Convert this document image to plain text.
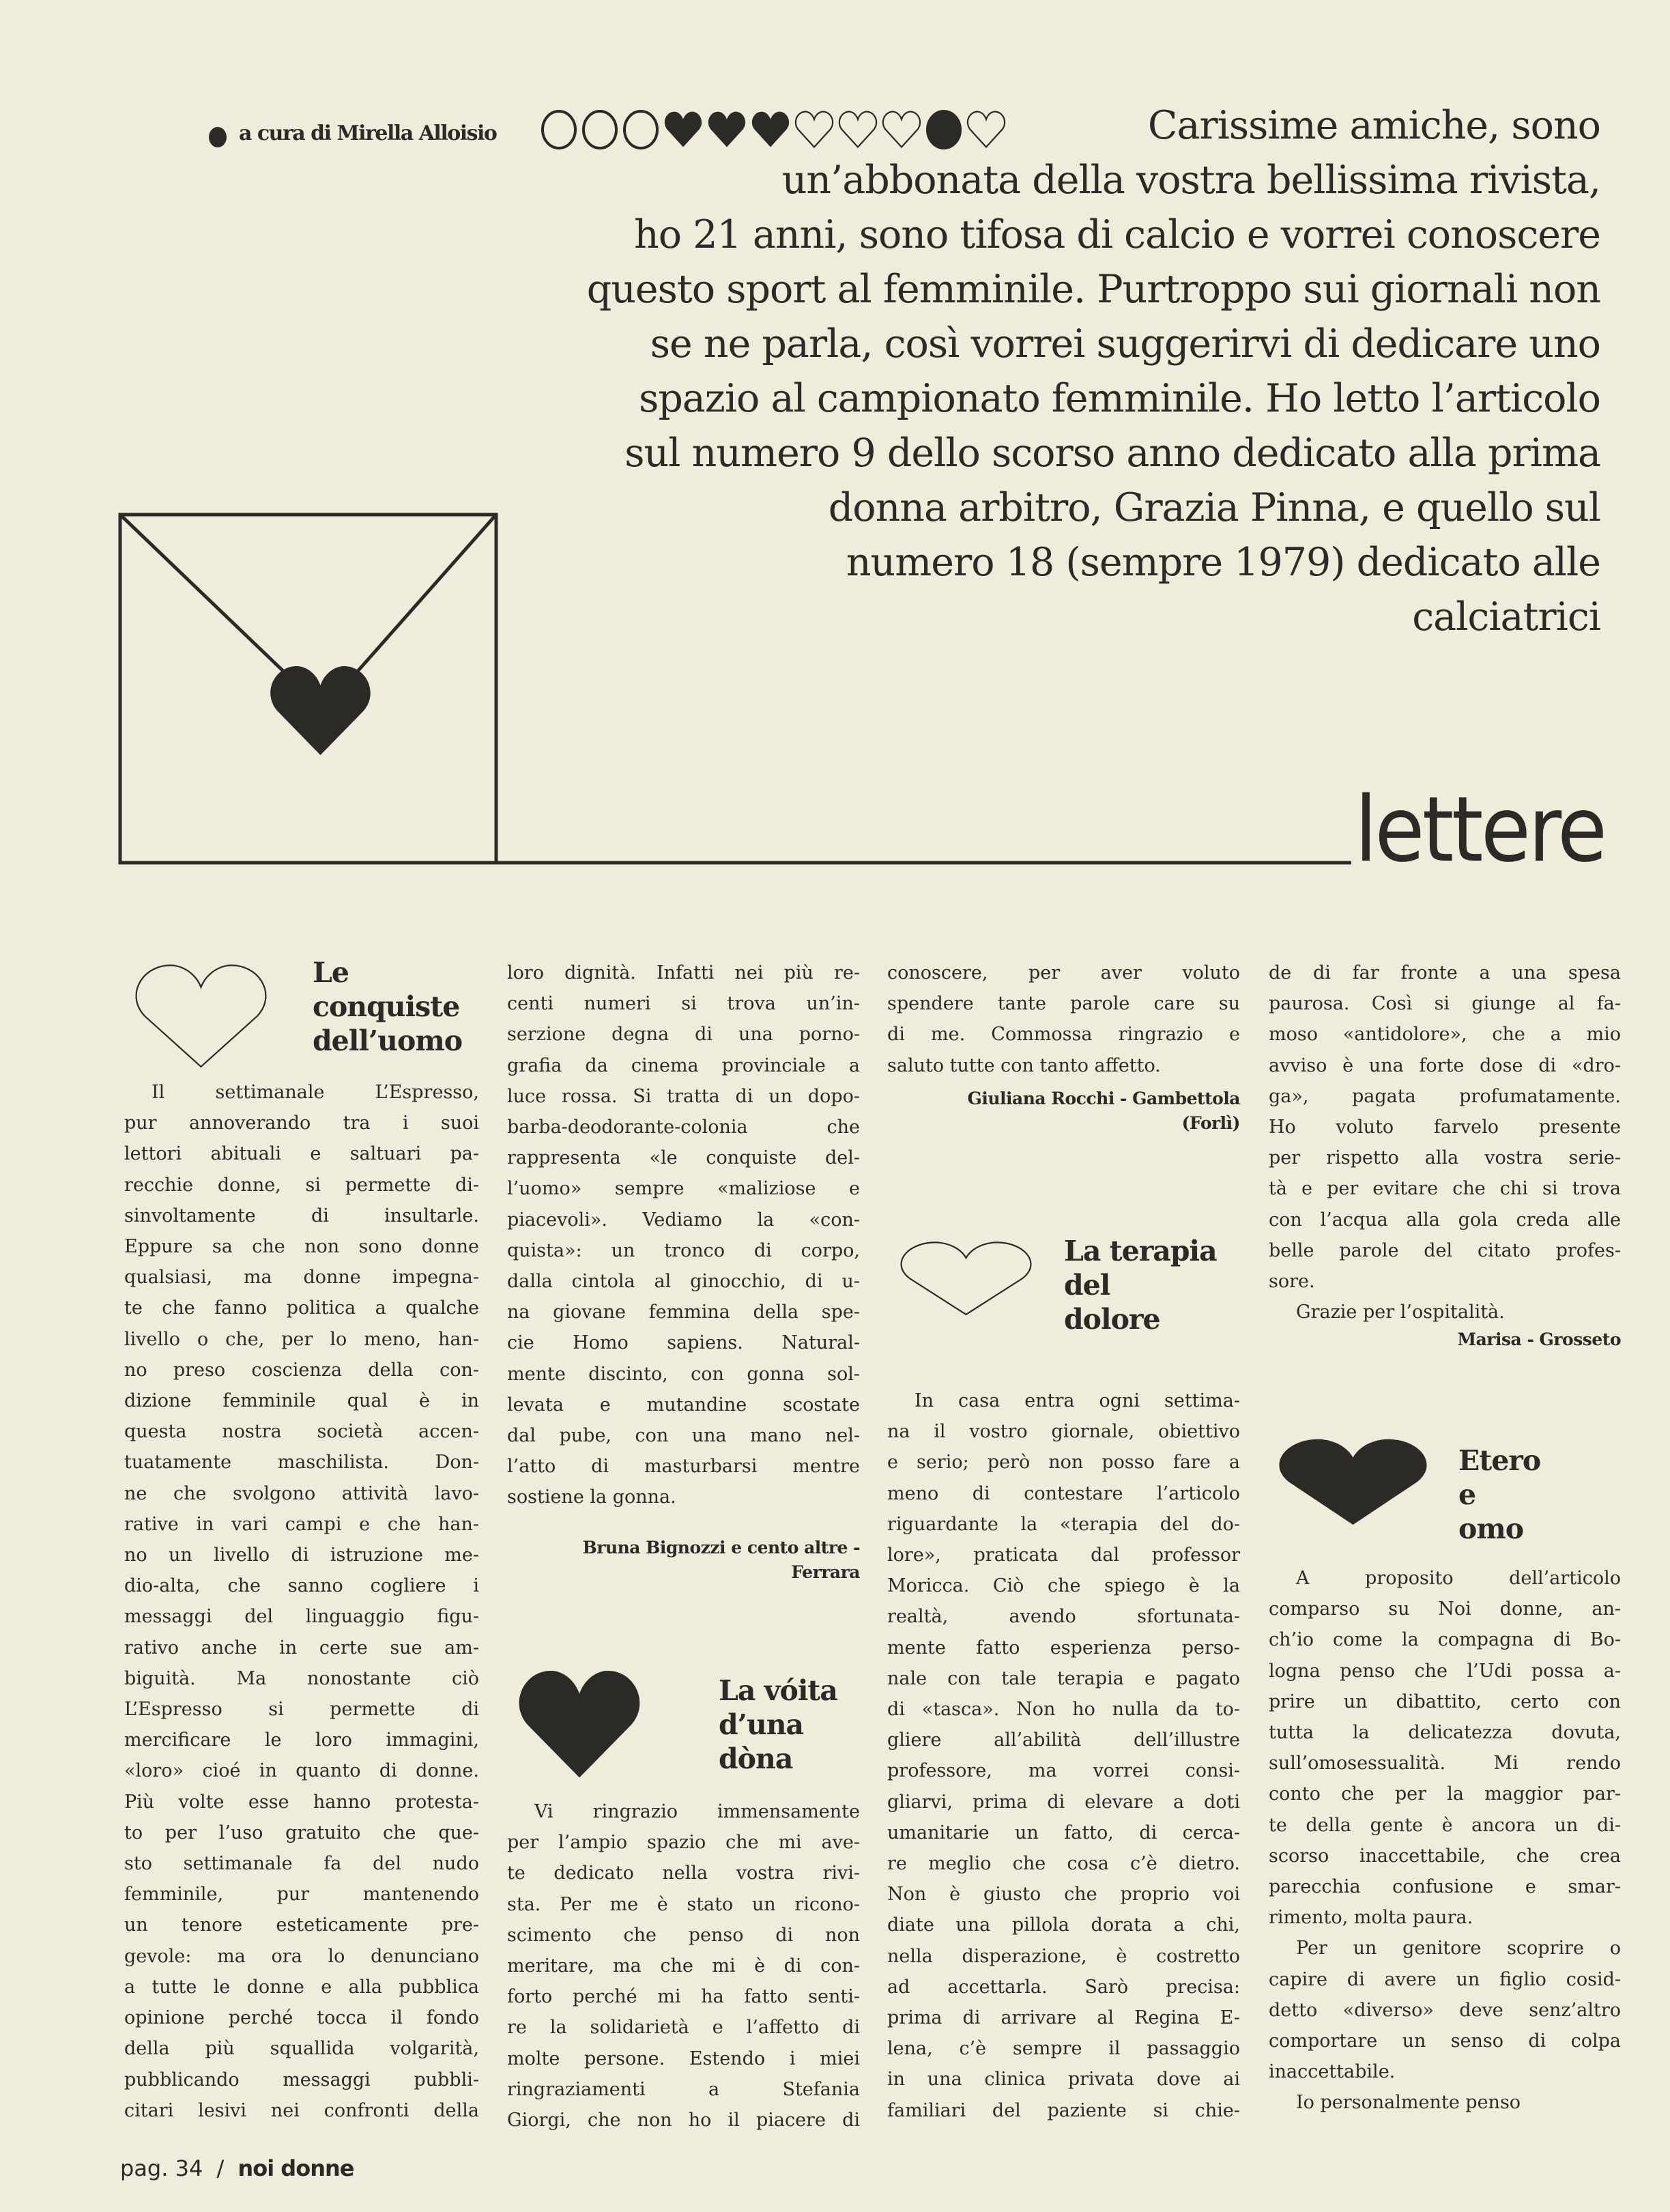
a cura di Mirella Alloisio	Carissime amiche, sono
un’abbonata della vostra bellissima rivista,
ho 21 anni, sono tifosa di calcio e vorrei conoscere
questo sport al femminile. Purtroppo sui giornali non
se ne parla, così vorrei suggerirvi di dedicare uno
spazio al campionato femminile. Ho letto l’articolo
sul numero 9 dello scorso anno dedicato alla prima
donna arbitro, Grazia Pinna, e quello sul
numero 18 (sempre 1979) dedicato alle
calciatrici
lettere
Le
conquiste
dell’uomo
Il settimanale L’Espresso,
pur annoverando tra i suoi
lettori abituali e saltuari pa-
recchie donne, si permette di-
sinvoltamente di insultarle.
Eppure sa che non sono donne
qualsiasi, ma donne impegna-
te che fanno politica a qualche
livello o che, per lo meno, han-
no preso coscienza della con-
dizione femminile qual è in
questa nostra società accen-
tuatamente maschilista. Don-
ne che svolgono attività lavo-
rative in vari campi e che han-
no un livello di istruzione me-
dio-alta, che sanno cogliere i
messaggi del linguaggio figu-
rativo anche in certe sue am-
biguità. Ma nonostante ciò
L’Espresso si permette di
mercificare le loro immagini,
«loro» cioé in quanto di donne.
Più volte esse hanno protesta-
to per l’uso gratuito che que-
sto settimanale fa del nudo
femminile, pur mantenendo
un tenore esteticamente pre-
gevole: ma ora lo denunciano
a tutte le donne e alla pubblica
opinione perché tocca il fondo
della più squallida volgarità,
pubblicando messaggi pubbli-
citari lesivi nei confronti della
loro dignità. Infatti nei più re-
centi numeri si trova un’in-
serzione degna di una porno-
grafia da cinema provinciale a
luce rossa. Si tratta di un dopo-
barba-deodorante-colonia che
rappresenta «le conquiste del-
l’uomo» sempre «maliziose e
piacevoli». Vediamo la «con-
quista»: un tronco di corpo,
dalla cintola al ginocchio, di u-
na giovane femmina della spe-
cie Homo sapiens. Natural-
mente discinto, con gonna sol-
levata e mutandine scostate
dal pube, con una mano nel-
l’atto di masturbarsi mentre
sostiene la gonna.
Bruna Bignozzi e cento altre -
Ferrara
La vóita
d’una
dòna
Vi ringrazio immensamente
per l’ampio spazio che mi ave-
te dedicato nella vostra rivi-
sta. Per me è stato un ricono-
scimento che penso di non
meritare, ma che mi è di con-
forto perché mi ha fatto senti-
re la solidarietà e l’affetto di
molte persone. Estendo i miei
ringraziamenti a Stefania
Giorgi, che non ho il piacere di
conoscere, per aver voluto
spendere tante parole care su
di me. Commossa ringrazio e
saluto tutte con tanto affetto.
Giuliana Rocchi - Gambettola
(Forlì)
La terapia
del
dolore
In casa entra ogni settima-
na il vostro giornale, obiettivo
e serio; però non posso fare a
meno di contestare l’articolo
riguardante la «terapia del do-
lore», praticata dal professor
Moricca. Ciò che spiego è la
realtà, avendo sfortunata-
mente fatto esperienza perso-
nale con tale terapia e pagato
di «tasca». Non ho nulla da to-
gliere all’abilità dell’illustre
professore, ma vorrei consi-
gliarvi, prima di elevare a doti
umanitarie un fatto, di cerca-
re meglio che cosa c’è dietro.
Non è giusto che proprio voi
diate una pillola dorata a chi,
nella disperazione, è costretto
ad accettarla. Sarò precisa:
prima di arrivare al Regina E-
lena, c’è sempre il passaggio
in una clinica privata dove ai
familiari del paziente si chie-
de di far fronte a una spesa
paurosa. Così si giunge al fa-
moso «antidolore», che a mio
avviso è una forte dose di «dro-
ga», pagata profumatamente.
Ho voluto farvelo presente
per rispetto alla vostra serie-
tà e per evitare che chi si trova
con l’acqua alla gola creda alle
belle parole del citato profes-
sore.
Grazie per l’ospitalità.
Marisa - Grosseto
Etero
e
omo
A proposito dell’articolo
comparso su Noi donne, an-
ch’io come la compagna di Bo-
logna penso che l’Udi possa a-
prire un dibattito, certo con
tutta la delicatezza dovuta,
sull’omosessualità. Mi rendo
conto che per la maggior par-
te della gente è ancora un di-
scorso inaccettabile, che crea
parecchia confusione e smar-
rimento, molta paura.
Per un genitore scoprire o
capire di avere un figlio cosid-
detto «diverso» deve senz’altro
comportare un senso di colpa
inaccettabile.
Io personalmente penso
pag. 34 / noi donne
